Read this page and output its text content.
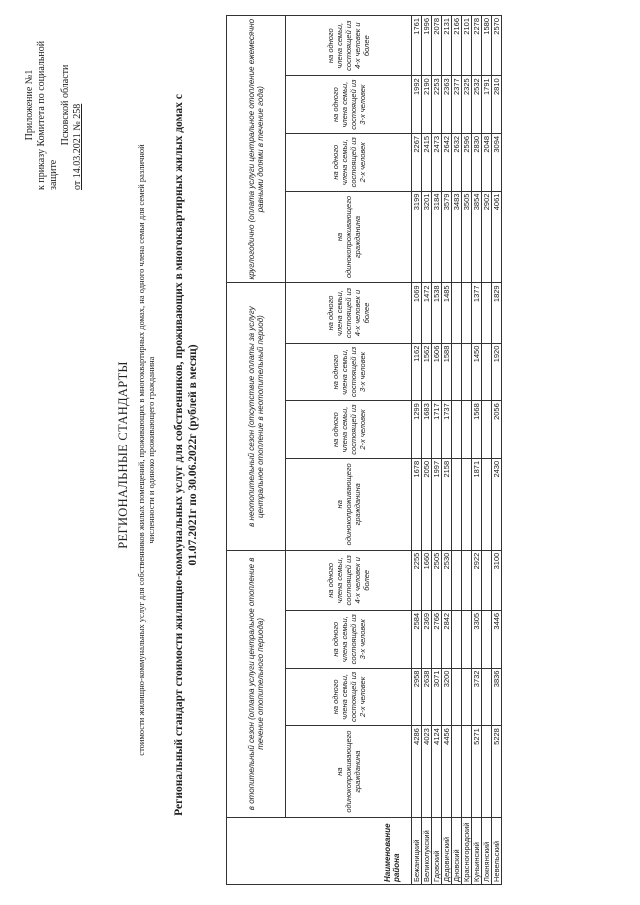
Приложение №1 к приказу Комитета по социальной защите
Псковской области от 14.03.2021 № 258
РЕГИОНАЛЬНЫЕ СТАНДАРТЫ стоимости жилищно-коммунальных услуг для собственников жилых помещений, проживающих в многоквартирных домах, на одного члена семьи для семей различной численности и одиноко проживающего гражданина Региональный стандарт стоимости жилищно-коммунальных услуг для собственников, проживающих в многоквартирных жилых домах с 01.07.2021г по 30.06.2022г (рублей в месяц)
Наименование района	в отопительный сезон (оплата услуги центральное отопление в течение отопительного периода)				в неотопительный сезон (отсутствие оплаты за услугу центральное отопление в неотопительный период)				круглогодично (оплата услуги центральное отопление ежемесячно равными долями в течение года)			
	на одинокопроживающего гражданина	на одного члена семьи, состоящей из 2-х человек	на одного члена семьи, состоящей из 3-х человек	на одного члена семьи, состоящей из 4-х человек и более	на одинокопроживающего гражданина	на одного члена семьи, состоящей из 2-х человек	на одного члена семьи, состоящей из 3-х человек	на одного члена семьи, состоящей из 4-х человек и более	на одинокопроживающего гражданина	на одного члена семьи, состоящей из 2-х человек	на одного члена семьи, состоящей из 3-х человек	на одного члена семьи, состоящей из 4-х человек и более
Бежаницкий	4286	2958	2584	2255	1678	1299	1162	1069	3199	2267	1992	1761
Великолукский	4023	2638	2369	1660	2050	1683	1562	1472	3201	2415	2190	1996
Гдовский	4124	3071	2766	2505	1997	1717	1606	1538	3184	2473	2253	2078
Дедовичский	4456	3200	2842	2530	2158	1737	1588	1485	3579	2642	2363	2131
Дновский									3483	2632	2377	2166
Красногородский									3505	2596	2325	2101
Куньинский	5271	3732	3305	2922	1871	1568	1450	1377	3854	2830	2532	2278
Локнянский									2902	2048	1791	1580
Невельский	5228	3836	3446	3100	2430	2056	1920	1829	4061	3094	2810	2570
